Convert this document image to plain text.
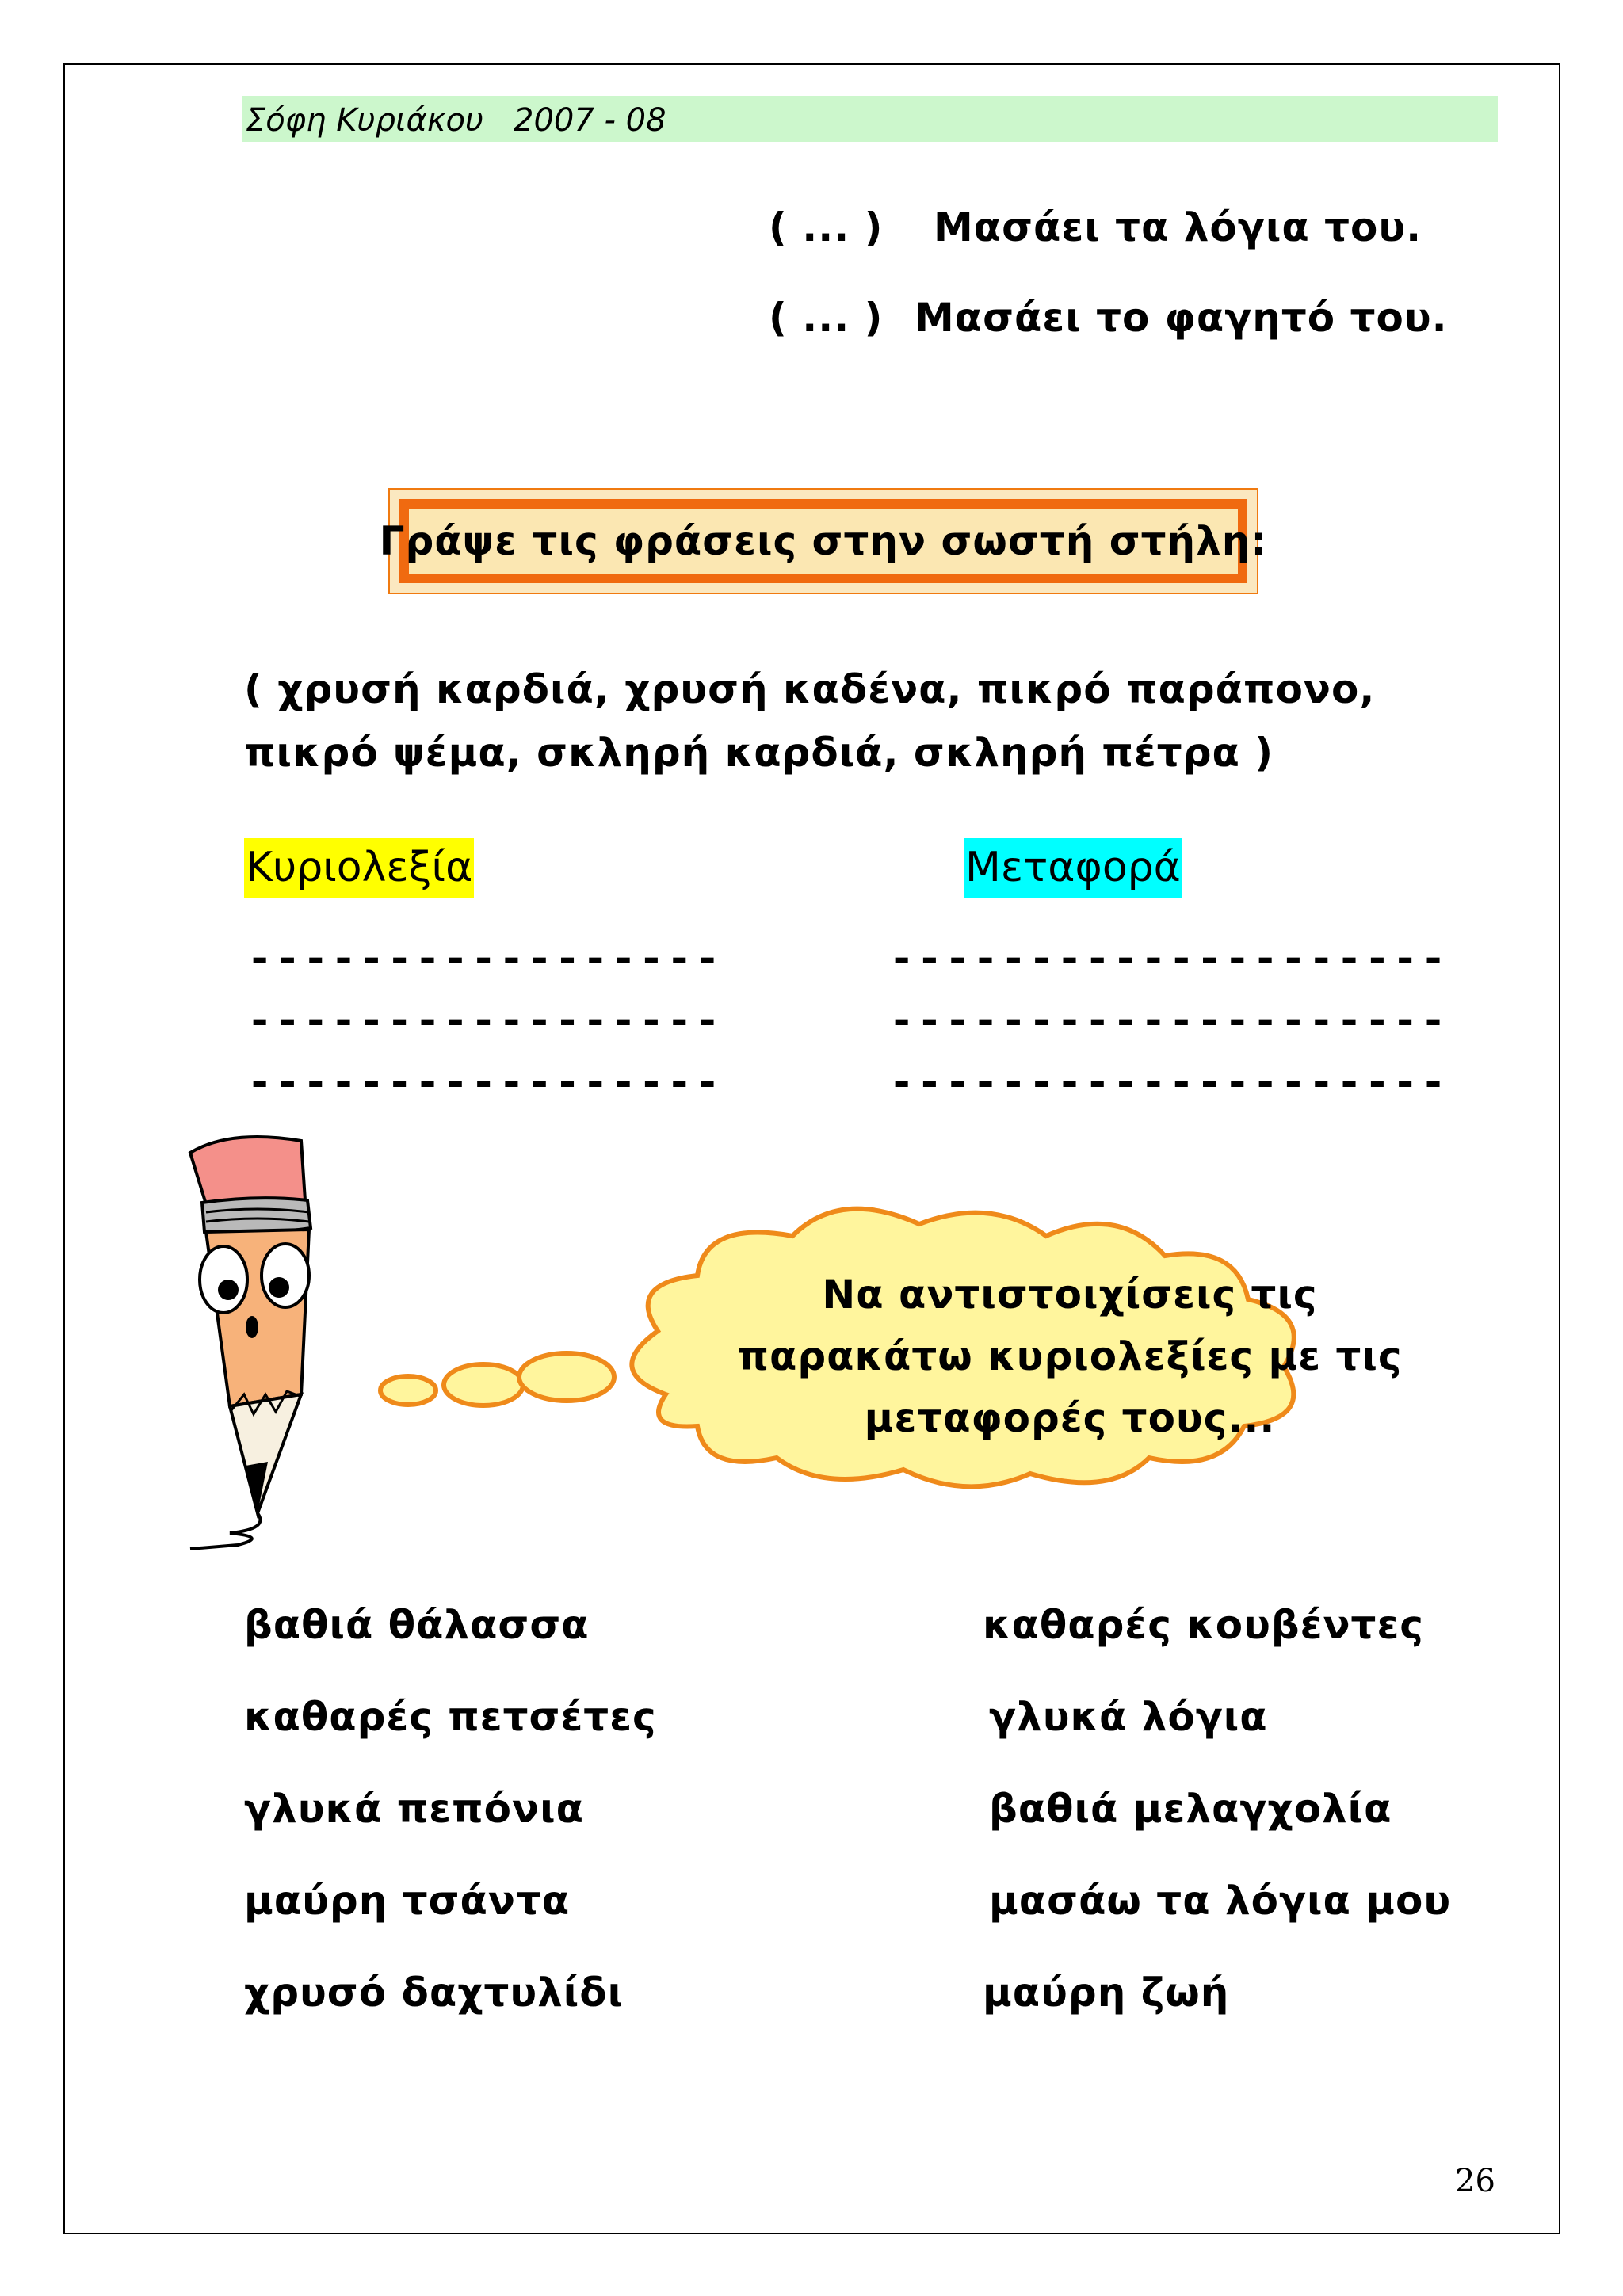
Σόφη Κυριάκου 2007 - 08
( ... ) Μασάει τα λόγια του.
( ... ) Μασάει το φαγητό του.
Γράψε τις φράσεις στην σωστή στήλη:
( χρυσή καρδιά, χρυσή καδένα, πικρό παράπονο, πικρό ψέμα, σκληρή καρδιά, σκληρή πέτρα )
Κυριολεξία	Μεταφορά
-----------------
-----------------
-----------------
--------------------
--------------------
--------------------
Να αντιστοιχίσεις τις
παρακάτω κυριολεξίες με τις
μεταφορές τους...
βαθιά θάλασσα
καθαρές πετσέτες
γλυκά πεπόνια
μαύρη τσάντα
χρυσό δαχτυλίδι
καθαρές κουβέντες
γλυκά λόγια
βαθιά μελαγχολία
μασάω τα λόγια μου
μαύρη ζωή
26
